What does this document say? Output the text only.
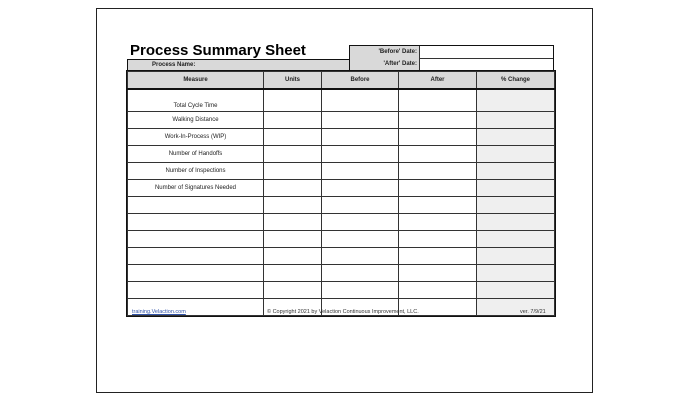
Process Summary Sheet	'Before' Date:
'After' Date:
Process Name:
Measure	Units	Before	After	% Change
Total Cycle Time				
Walking Distance				
Work-In-Process (WIP)				
Number of Handoffs				
Number of Inspections				
Number of Signatures Needed				

training.Velaction.com	© Copyright 2021 by Velaction Continuous Improvement, LLC.	ver. 7/9/21
